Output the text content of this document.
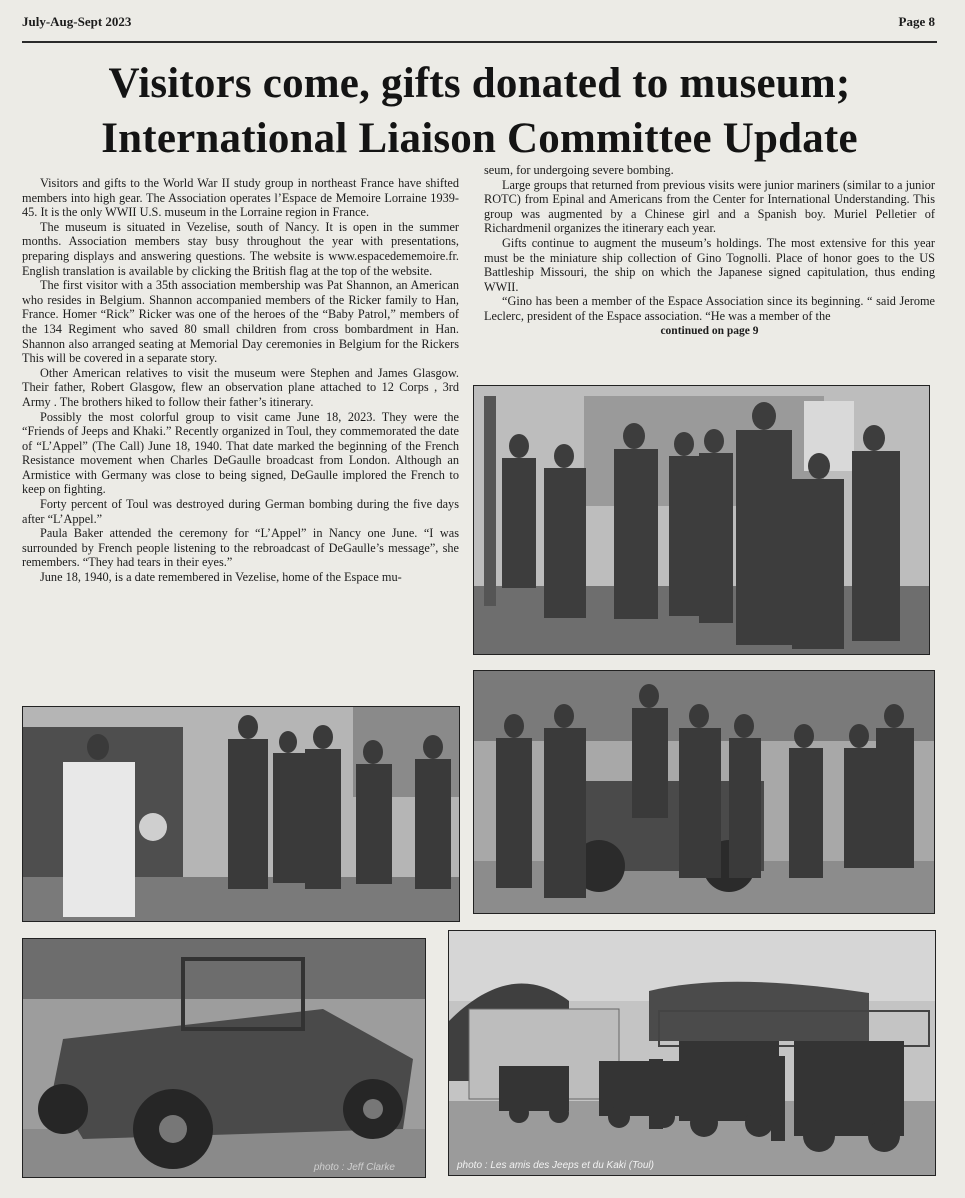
July-Aug-Sept 2023	Page 8
Visitors come, gifts donated to museum;
International Liaison Committee Update

Visitors and gifts to the World War II study group in northeast France have shifted members into high gear. The Association operates l’Espace de Memoire Lorraine 1939-45. It is the only WWII U.S. museum in the Lorraine region in France.

The museum is situated in Vezelise, south of Nancy. It is open in the summer months. Association members stay busy throughout the year with presentations, preparing displays and answering questions. The website is www.espacedememoire.fr. English translation is available by clicking the British flag at the top of the website.

The first visitor with a 35th association membership was Pat Shannon, an American who resides in Belgium. Shannon accompanied members of the Ricker family to Han, France. Homer “Rick” Ricker was one of the heroes of the “Baby Patrol,” members of the 134 Regiment who saved 80 small children from cross bombardment in Han. Shannon also arranged seating at Memorial Day ceremonies in Belgium for the Rickers This will be covered in a separate story.

Other American relatives to visit the museum were Stephen and James Glasgow. Their father, Robert Glasgow, flew an observation plane attached to 12 Corps , 3rd Army . The brothers hiked to follow their father’s itinerary.

Possibly the most colorful group to visit came June 18, 2023. They were the “Friends of Jeeps and Khaki.” Recently organized in Toul, they commemorated the date of “L’Appel” (The Call) June 18, 1940. That date marked the beginning of the French Resistance movement when Charles DeGaulle broadcast from London. Although an Armistice with Germany was close to being signed, DeGaulle implored the French to keep on fighting.

Forty percent of Toul was destroyed during German bombing during the five days after “L’Appel.”

Paula Baker attended the ceremony for “L’Appel” in Nancy one June. “I was surrounded by French people listening to the rebroadcast of DeGaulle’s message”, she remembers. “They had tears in their eyes.”

June 18, 1940, is a date remembered in Vezelise, home of the Espace mu-

seum, for undergoing severe bombing.

Large groups that returned from previous visits were junior mariners (similar to a junior ROTC) from Epinal and Americans from the Center for International Understanding. This group was augmented by a Chinese girl and a Spanish boy. Muriel Pelletier of Richardmenil organizes the itinerary each year.

Gifts continue to augment the museum’s holdings. The most extensive for this year must be the miniature ship collection of Gino Tognolli. Place of honor goes to the US Battleship Missouri, the ship on which the Japanese signed capitulation, thus ending WWII.

“Gino has been a member of the Espace Association since its beginning. “ said Jerome Leclerc, president of the Espace association. “He was a member of the

continued on page 9

photo : Jeff Clarke	photo : Les amis des Jeeps et du Kaki (Toul)
